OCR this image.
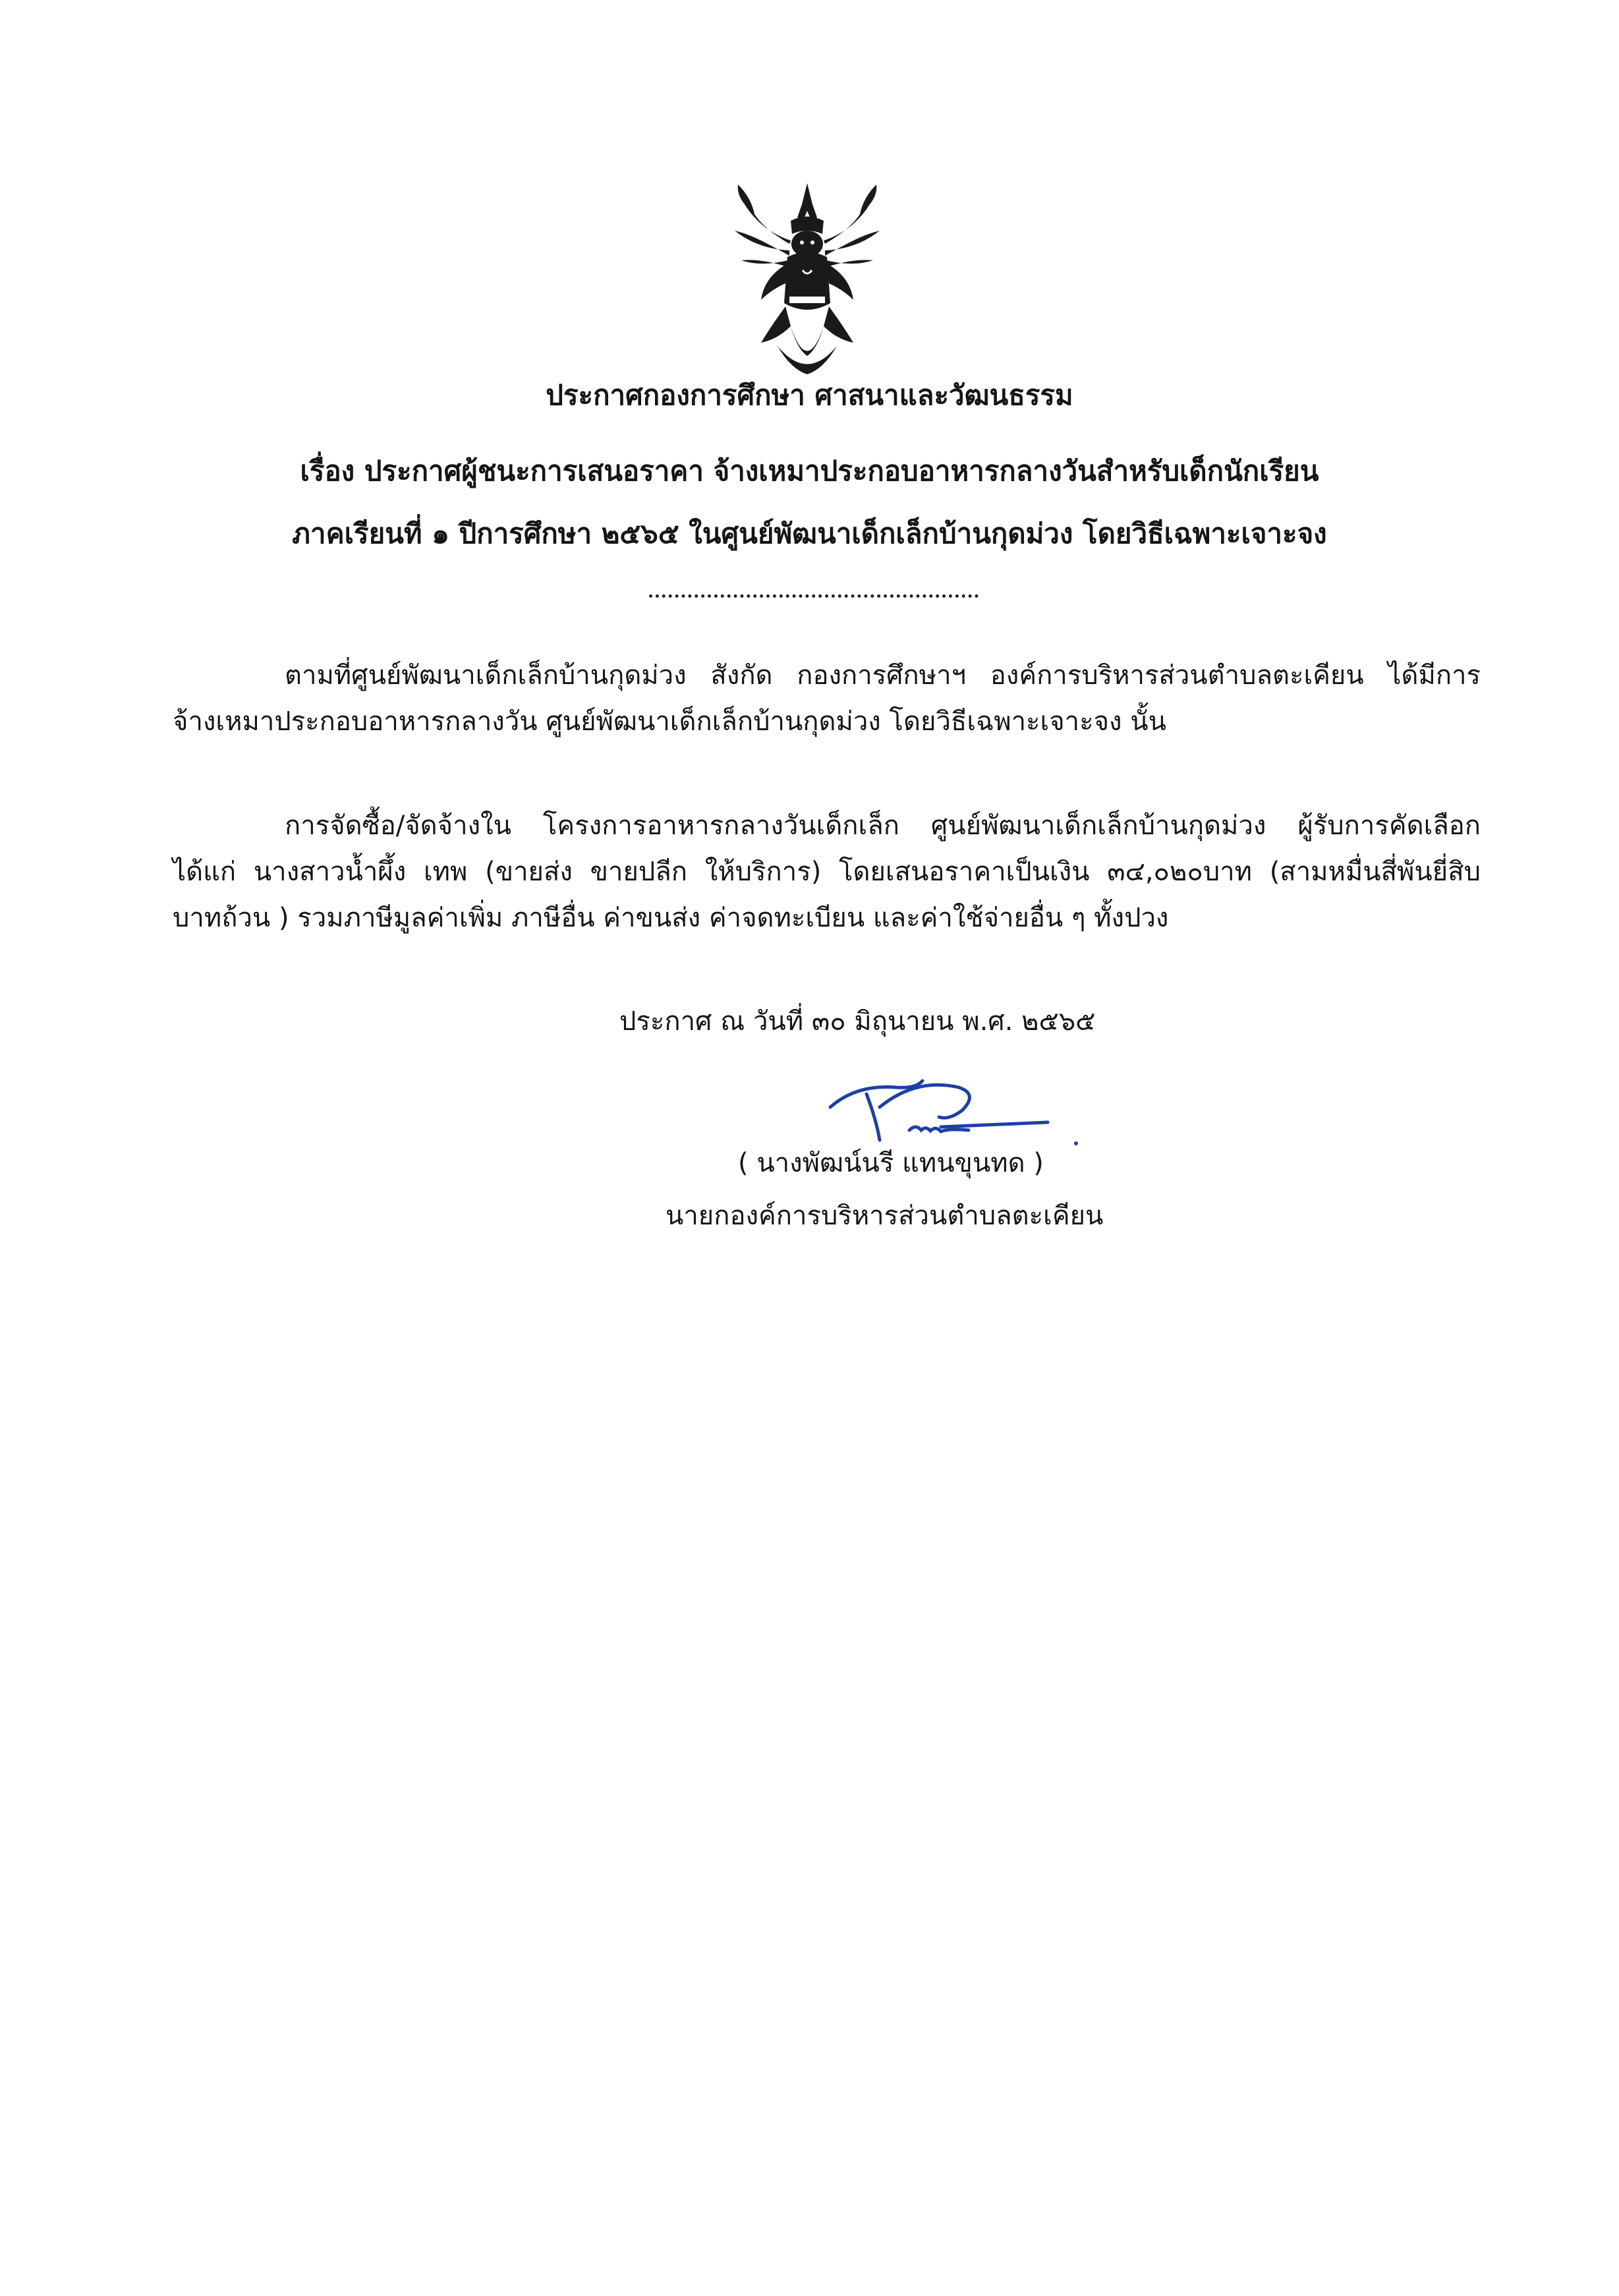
ประกาศกองการศึกษา ศาสนาและวัฒนธรรม
เรื่อง ประกาศผู้ชนะการเสนอราคา จ้างเหมาประกอบอาหารกลางวันสำหรับเด็กนักเรียน
ภาคเรียนที่ ๑ ปีการศึกษา ๒๕๖๕ ในศูนย์พัฒนาเด็กเล็กบ้านกุดม่วง โดยวิธีเฉพาะเจาะจง
ตามที่ศูนย์พัฒนาเด็กเล็กบ้านกุดม่วง สังกัด กองการศึกษาฯ องค์การบริหารส่วนตำบลตะเคียน ได้มีการ
จ้างเหมาประกอบอาหารกลางวัน ศูนย์พัฒนาเด็กเล็กบ้านกุดม่วง โดยวิธีเฉพาะเจาะจง นั้น
การจัดซื้อ/จัดจ้างใน โครงการอาหารกลางวันเด็กเล็ก ศูนย์พัฒนาเด็กเล็กบ้านกุดม่วง ผู้รับการคัดเลือก
ได้แก่ นางสาวน้ำผึ้ง เทพ (ขายส่ง ขายปลีก ให้บริการ) โดยเสนอราคาเป็นเงิน ๓๔,๐๒๐บาท (สามหมื่นสี่พันยี่สิบ
บาทถ้วน ) รวมภาษีมูลค่าเพิ่ม ภาษีอื่น ค่าขนส่ง ค่าจดทะเบียน และค่าใช้จ่ายอื่น ๆ ทั้งปวง
ประกาศ ณ วันที่ ๓๐ มิถุนายน พ.ศ. ๒๕๖๕
( นางพัฒน์นรี แทนขุนทด )
นายกองค์การบริหารส่วนตำบลตะเคียน
